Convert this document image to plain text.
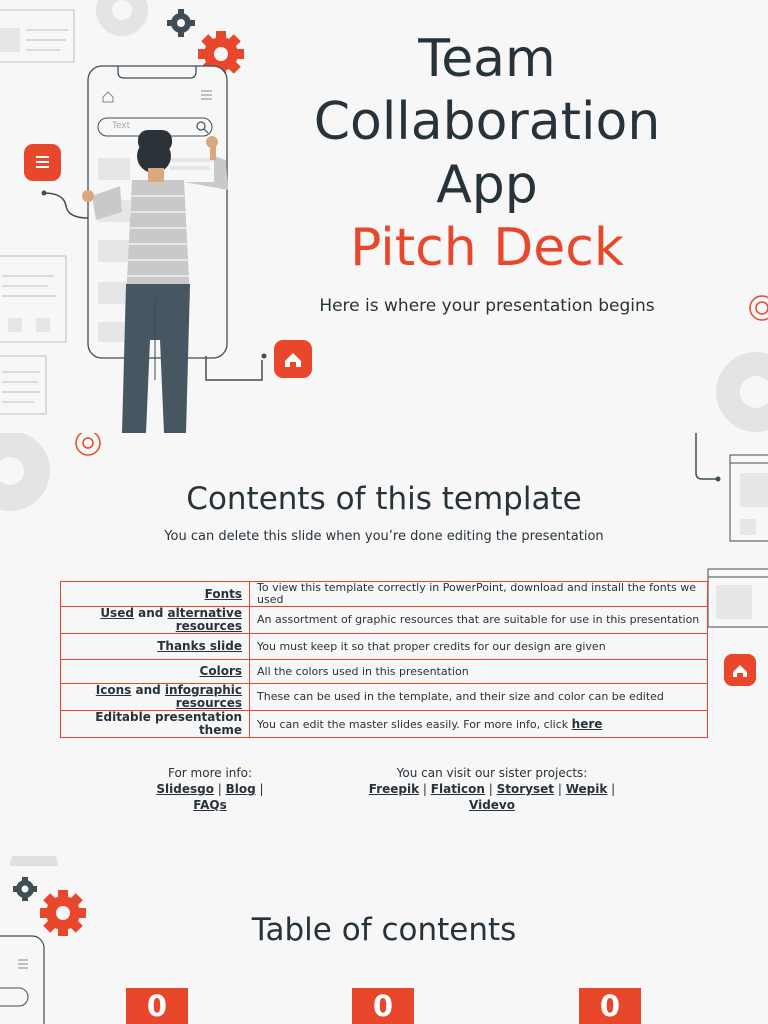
Team
Collaboration
App
Pitch Deck
Here is where your presentation begins
Text
Contents of this template
You can delete this slide when you’re done editing the presentation
Fonts	To view this template correctly in PowerPoint, download and install the fonts we used
Used and alternative resources	An assortment of graphic resources that are suitable for use in this presentation
Thanks slide	You must keep it so that proper credits for our design are given
Colors	All the colors used in this presentation
Icons and infographic resources	These can be used in the template, and their size and color can be edited
Editable presentation theme	You can edit the master slides easily. For more info, click here
For more info:
Slidesgo | Blog |
FAQs
You can visit our sister projects:
Freepik | Flaticon | Storyset | Wepik |
Videvo
Table of contents
0	0	0
